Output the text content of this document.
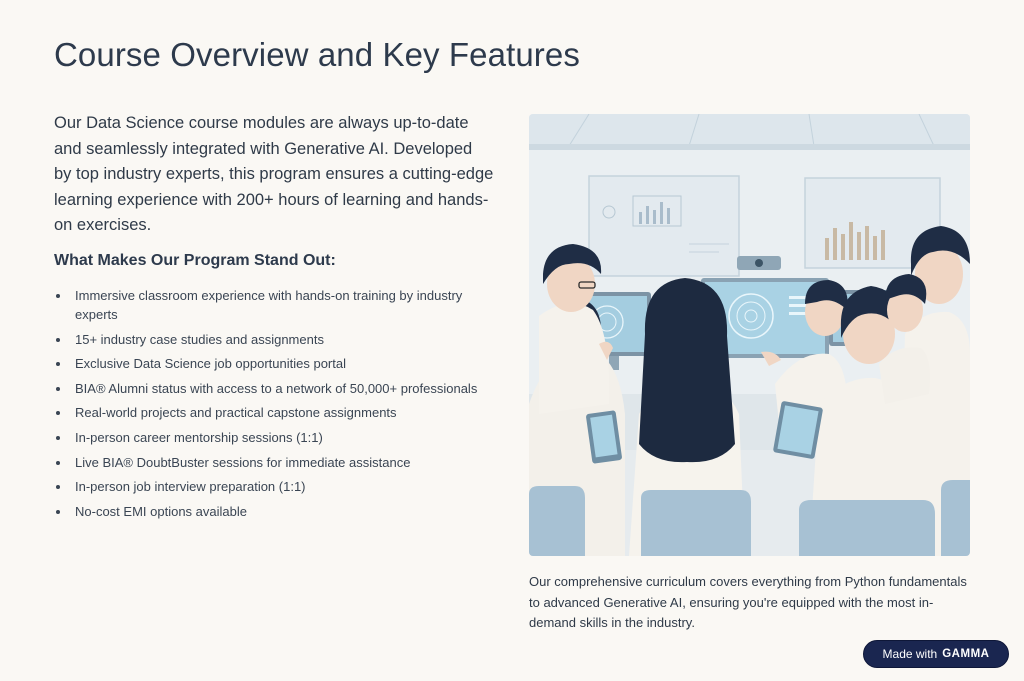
Course Overview and Key Features

Our Data Science course modules are always up-to-date and seamlessly integrated with Generative AI. Developed by top industry experts, this program ensures a cutting-edge learning experience with 200+ hours of learning and hands-on exercises.

What Makes Our Program Stand Out:
Immersive classroom experience with hands-on training by industry experts
15+ industry case studies and assignments
Exclusive Data Science job opportunities portal
BIA® Alumni status with access to a network of 50,000+ professionals
Real-world projects and practical capstone assignments
In-person career mentorship sessions (1:1)
Live BIA® DoubtBuster sessions for immediate assistance
In-person job interview preparation (1:1)
No-cost EMI options available

Our comprehensive curriculum covers everything from Python fundamentals to advanced Generative AI, ensuring you're equipped with the most in-demand skills in the industry.

Made with GAMMA
